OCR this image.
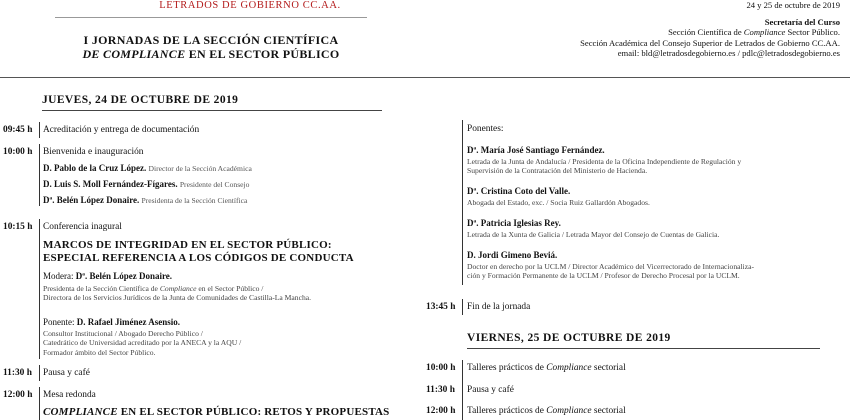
LETRADOS DE GOBIERNO CC.AA.
I JORNADAS DE LA SECCIÓN CIENTÍFICA
DE COMPLIANCE EN EL SECTOR PÚBLICO
24 y 25 de octubre de 2019
Secretaría del Curso
Sección Científica de Compliance Sector Público.
Sección Académica del Consejo Superior de Letrados de Gobierno CC.AA.
email: bld@letradosdegobierno.es / pdlc@letradosdegobierno.es
JUEVES, 24 DE OCTUBRE DE 2019
09:45 h Acreditación y entrega de documentación
10:00 h Bienvenida e inauguración
D. Pablo de la Cruz López. Director de la Sección Académica
D. Luis S. Moll Fernández-Fígares. Presidente del Consejo
Dª. Belén López Donaire. Presidenta de la Sección Científica
10:15 h Conferencia inagural
MARCOS DE INTEGRIDAD EN EL SECTOR PÚBLICO:
ESPECIAL REFERENCIA A LOS CÓDIGOS DE CONDUCTA
Modera: Dª. Belén López Donaire.
Presidenta de la Sección Científica de Compliance en el Sector Público /
Directora de los Servicios Jurídicos de la Junta de Comunidades de Castilla-La Mancha.
Ponente: D. Rafael Jiménez Asensio.
Consultor Institucional / Abogado Derecho Público /
Catedrático de Universidad acreditado por la ANECA y la AQU /
Formador ámbito del Sector Público.
11:30 h Pausa y café
12:00 h Mesa redonda
COMPLIANCE EN EL SECTOR PÚBLICO: RETOS Y PROPUESTAS
Ponentes:
Dª. María José Santiago Fernández.
Letrada de la Junta de Andalucía / Presidenta de la Oficina Independiente de Regulación y
Supervisión de la Contratación del Ministerio de Hacienda.
Dª. Cristina Coto del Valle.
Abogada del Estado, exc. / Socia Ruiz Gallardón Abogados.
Dª. Patricia Iglesias Rey.
Letrada de la Xunta de Galicia / Letrada Mayor del Consejo de Cuentas de Galicia.
D. Jordi Gimeno Beviá.
Doctor en derecho por la UCLM / Director Académico del Vicerrectorado de Internacionaliza-
ción y Formación Permanente de la UCLM / Profesor de Derecho Procesal por la UCLM.
13:45 h Fin de la jornada
VIERNES, 25 DE OCTUBRE DE 2019
10:00 h Talleres prácticos de Compliance sectorial
11:30 h Pausa y café
12:00 h Talleres prácticos de Compliance sectorial
